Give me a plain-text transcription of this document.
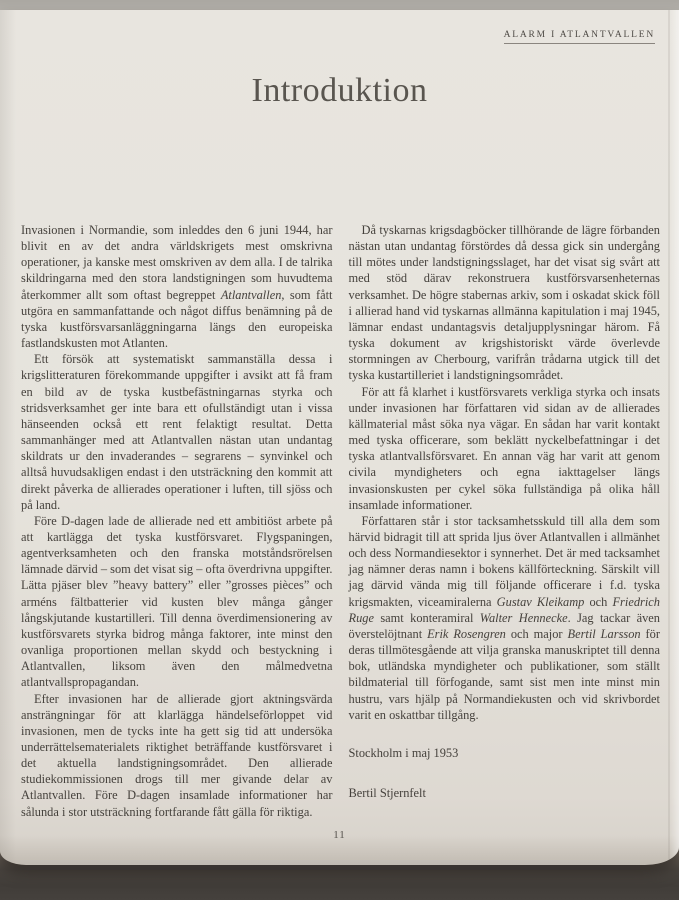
ALARM I ATLANTVALLEN
Introduktion

Invasionen i Normandie, som inleddes den 6 juni 1944, har blivit en av det andra världskrigets mest omskrivna operationer, ja kanske mest omskriven av dem alla. I de talrika skildringarna med den stora landstigningen som huvudtema återkommer allt som oftast begreppet Atlantvallen, som fått utgöra en sammanfattande och något diffus benämning på de tyska kustförsvarsanläggningarna längs den europeiska fastlandskusten mot Atlanten.

Ett försök att systematiskt sammanställa dessa i krigslitteraturen förekommande uppgifter i avsikt att få fram en bild av de tyska kustbefästningarnas styrka och stridsverksamhet ger inte bara ett ofullständigt utan i vissa hänseenden också ett rent felaktigt resultat. Detta sammanhänger med att Atlantvallen nästan utan undantag skildrats ur den invaderandes – segrarens – synvinkel och alltså huvudsakligen endast i den utsträckning den kommit att direkt påverka de allierades operationer i luften, till sjöss och på land.

Före D-dagen lade de allierade ned ett ambitiöst arbete på att kartlägga det tyska kustförsvaret. Flygspaningen, agentverksamheten och den franska motståndsrörelsen lämnade därvid – som det visat sig – ofta överdrivna uppgifter. Lätta pjäser blev ”heavy battery” eller ”grosses pièces” och arméns fältbatterier vid kusten blev många gånger långskjutande kustartilleri. Till denna överdimensionering av kustförsvarets styrka bidrog många faktorer, inte minst den ovanliga proportionen mellan skydd och bestyckning i Atlantvallen, liksom även den målmedvetna atlantvallspropagandan.

Efter invasionen har de allierade gjort aktningsvärda ansträngningar för att klarlägga händelseförloppet vid invasionen, men de tycks inte ha gett sig tid att undersöka underrättelsematerialets riktighet beträffande kustförsvaret i det aktuella landstigningsområdet. Den allierade studiekommissionen drogs till mer givande delar av Atlantvallen. Före D-dagen insamlade informationer har sålunda i stor utsträckning fortfarande fått gälla för riktiga.

Då tyskarnas krigsdagböcker tillhörande de lägre förbanden nästan utan undantag förstördes då dessa gick sin undergång till mötes under landstigningsslaget, har det visat sig svårt att med stöd därav rekonstruera kustförsvarsenheternas verksamhet. De högre stabernas arkiv, som i oskadat skick föll i allierad hand vid tyskarnas allmänna kapitulation i maj 1945, lämnar endast undantagsvis detaljupplysningar härom. Få tyska dokument av krigshistoriskt värde överlevde stormningen av Cherbourg, varifrån trådarna utgick till det tyska kustartilleriet i landstigningsområdet.

För att få klarhet i kustförsvarets verkliga styrka och insats under invasionen har författaren vid sidan av de allierades källmaterial måst söka nya vägar. En sådan har varit kontakt med tyska officerare, som beklätt nyckelbefattningar i det tyska atlantvallsförsvaret. En annan väg har varit att genom civila myndigheters och egna iakttagelser längs invasionskusten per cykel söka fullständiga på olika håll insamlade informationer.

Författaren står i stor tacksamhetsskuld till alla dem som härvid bidragit till att sprida ljus över Atlantvallen i allmänhet och dess Normandiesektor i synnerhet. Det är med tacksamhet jag nämner deras namn i bokens källförteckning. Särskilt vill jag därvid vända mig till följande officerare i f.d. tyska krigsmakten, viceamiralerna Gustav Kleikamp och Friedrich Ruge samt konteramiral Walter Hennecke. Jag tackar även överstelöjtnant Erik Rosengren och major Bertil Larsson för deras tillmötesgående att vilja granska manuskriptet till denna bok, utländska myndigheter och publikationer, som ställt bildmaterial till förfogande, samt sist men inte minst min hustru, vars hjälp på Normandiekusten och vid skrivbordet varit en oskattbar tillgång.

Stockholm i maj 1953

Bertil Stjernfelt

11
